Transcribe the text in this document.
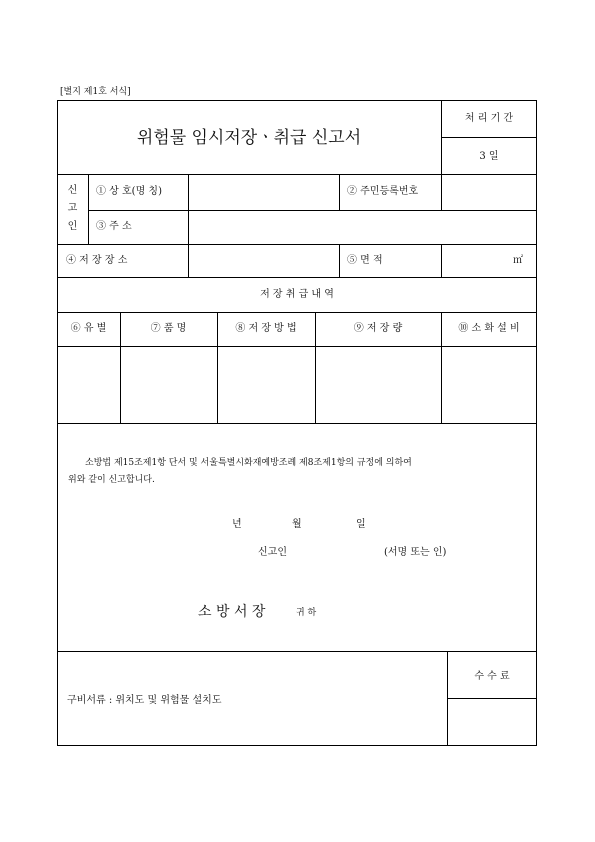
[별지 제1호 서식]
위험물 임시저장ㆍ취급 신고서
처 리 기 간
3 일
신
고
인
① 상 호(명 칭)	② 주민등록번호
③ 주 소
④ 저 장 장 소	⑤ 면 적	㎡
저 장 취 급 내 역
⑥ 유 별	⑦ 품 명	⑧ 저 장 방 법	⑨ 저 장 량	⑩ 소 화 설 비
소방법 제15조제1항 단서 및 서울특별시화재예방조례 제8조제1항의 규정에 의하여
위와 같이 신고합니다.
년	월	일
신고인	(서명 또는 인)
소 방 서 장	귀 하
구비서류 : 위치도 및 위험물 설치도
수 수 료
